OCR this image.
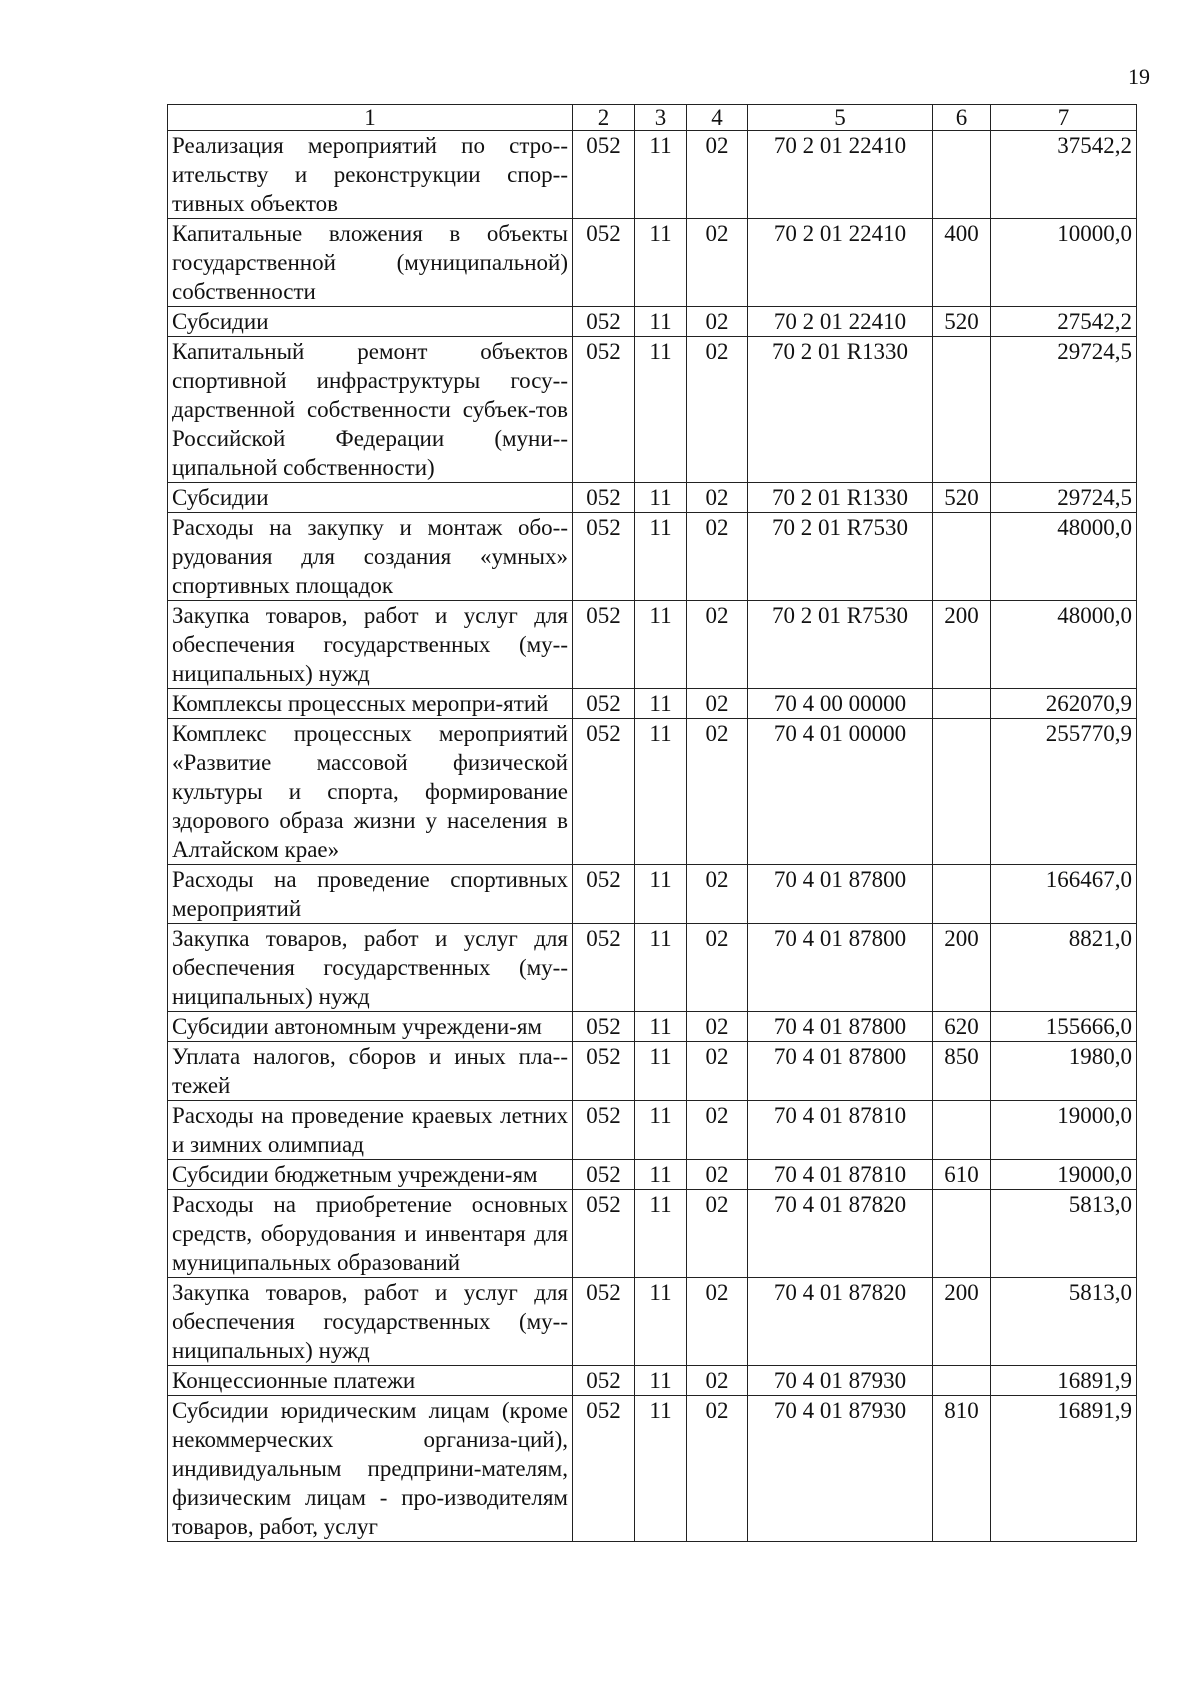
19
1	2	3	4	5	6	7
Реализация мероприятий по стро-ительству и реконструкции спор-тивных объектов	052	11	02	70 2 01 22410		37542,2
Капитальные вложения в объекты государственной (муниципальной) собственности	052	11	02	70 2 01 22410	400	10000,0
Субсидии	052	11	02	70 2 01 22410	520	27542,2
Капитальный ремонт объектов спортивной инфраструктуры госу-дарственной собственности субъек-тов Российской Федерации (муни-ципальной собственности)	052	11	02	70 2 01 R1330		29724,5
Субсидии	052	11	02	70 2 01 R1330	520	29724,5
Расходы на закупку и монтаж обо-рудования для создания «умных» спортивных площадок	052	11	02	70 2 01 R7530		48000,0
Закупка товаров, работ и услуг для обеспечения государственных (му-ниципальных) нужд	052	11	02	70 2 01 R7530	200	48000,0
Комплексы процессных меропри-ятий	052	11	02	70 4 00 00000		262070,9
Комплекс процессных мероприятий «Развитие массовой физической культуры и спорта, формирование здорового образа жизни у населения в Алтайском крае»	052	11	02	70 4 01 00000		255770,9
Расходы на проведение спортивных мероприятий	052	11	02	70 4 01 87800		166467,0
Закупка товаров, работ и услуг для обеспечения государственных (му-ниципальных) нужд	052	11	02	70 4 01 87800	200	8821,0
Субсидии автономным учреждени-ям	052	11	02	70 4 01 87800	620	155666,0
Уплата налогов, сборов и иных пла-тежей	052	11	02	70 4 01 87800	850	1980,0
Расходы на проведение краевых летних и зимних олимпиад	052	11	02	70 4 01 87810		19000,0
Субсидии бюджетным учреждени-ям	052	11	02	70 4 01 87810	610	19000,0
Расходы на приобретение основных средств, оборудования и инвентаря для муниципальных образований	052	11	02	70 4 01 87820		5813,0
Закупка товаров, работ и услуг для обеспечения государственных (му-ниципальных) нужд	052	11	02	70 4 01 87820	200	5813,0
Концессионные платежи	052	11	02	70 4 01 87930		16891,9
Субсидии юридическим лицам (кроме некоммерческих организа-ций), индивидуальным предприни-мателям, физическим лицам - про-изводителям товаров, работ, услуг	052	11	02	70 4 01 87930	810	16891,9
